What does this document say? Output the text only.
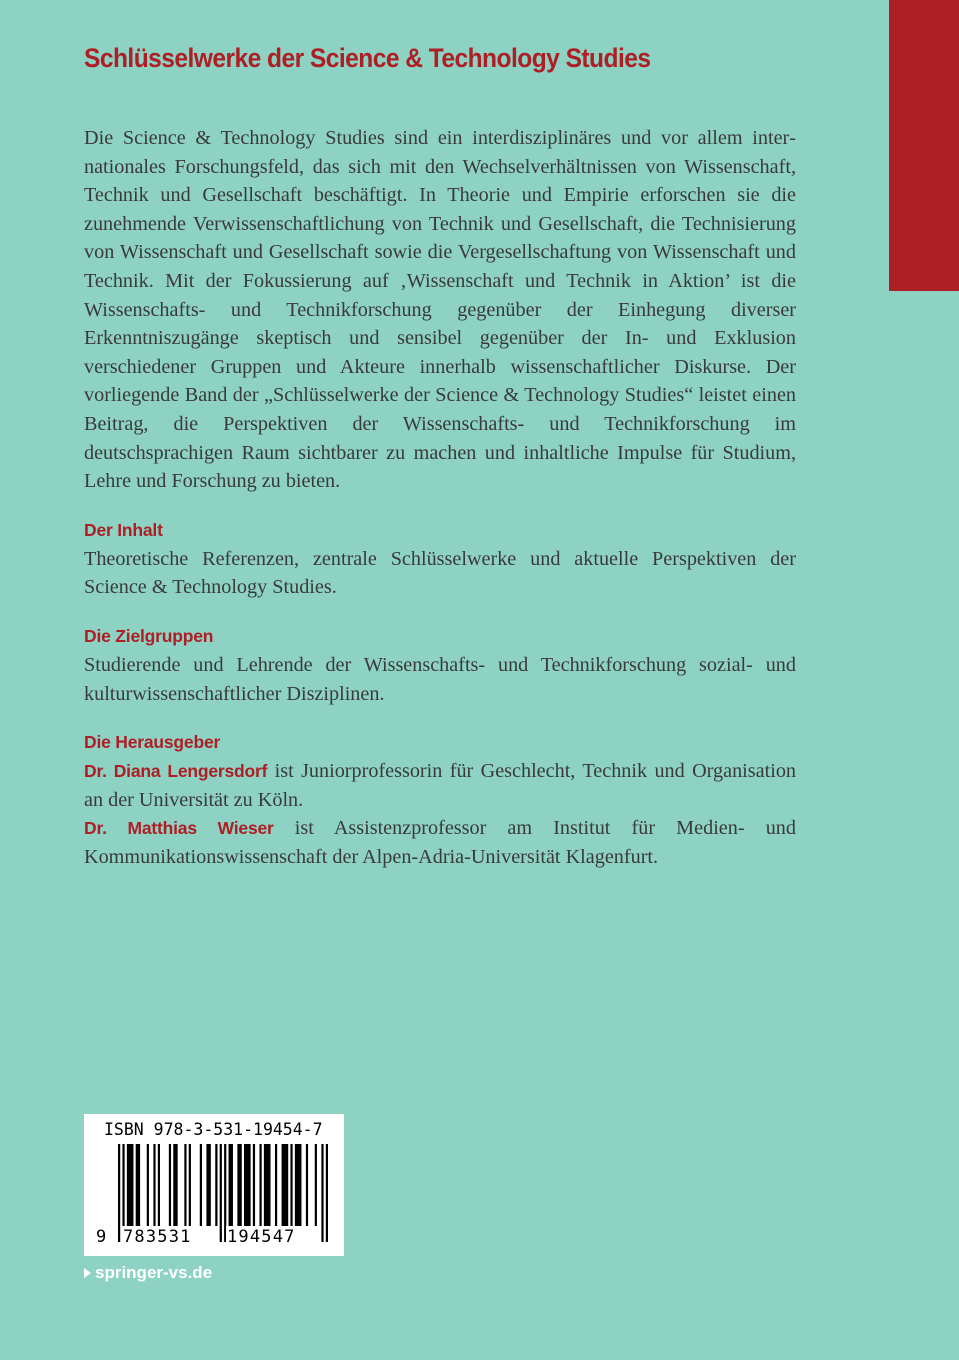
Schlüsselwerke der Science & Technology Studies

Die Science & Technology Studies sind ein interdisziplinäres und vor allem internationales Forschungsfeld, das sich mit den Wechselverhältnissen von Wissenschaft, Technik und Gesellschaft beschäftigt. In Theorie und Empirie erforschen sie die zunehmende Verwissenschaftlichung von Technik und Gesellschaft, die Technisierung von Wissenschaft und Gesellschaft sowie die Vergesellschaftung von Wissenschaft und Technik. Mit der Fokussierung auf ‚Wissenschaft und Technik in Aktion’ ist die Wissenschafts- und Technikforschung gegenüber der Einhegung diverser Erkenntniszugänge skeptisch und sensibel gegenüber der In- und Exklusion verschiedener Gruppen und Akteure innerhalb wissenschaftlicher Diskurse. Der vorliegende Band der „Schlüsselwerke der Science & Technology Studies“ leistet einen Beitrag, die Perspektiven der Wissenschafts- und Technikforschung im deutschsprachigen Raum sichtbarer zu machen und inhaltliche Impulse für Studium, Lehre und Forschung zu bieten.

Der Inhalt

Theoretische Referenzen, zentrale Schlüsselwerke und aktuelle Perspektiven der Science & Technology Studies.

Die Zielgruppen

Studierende und Lehrende der Wissenschafts- und Technikforschung sozial- und kulturwissenschaftlicher Disziplinen.

Die Herausgeber

Dr. Diana Lengersdorf ist Juniorprofessorin für Geschlecht, Technik und Organisation an der Universität zu Köln.

Dr. Matthias Wieser ist Assistenzprofessor am Institut für Medien- und Kommunikationswissenschaft der Alpen-Adria-Universität Klagenfurt.

ISBN 978-3-531-19454-7
9 783531 194547
springer-vs.de
